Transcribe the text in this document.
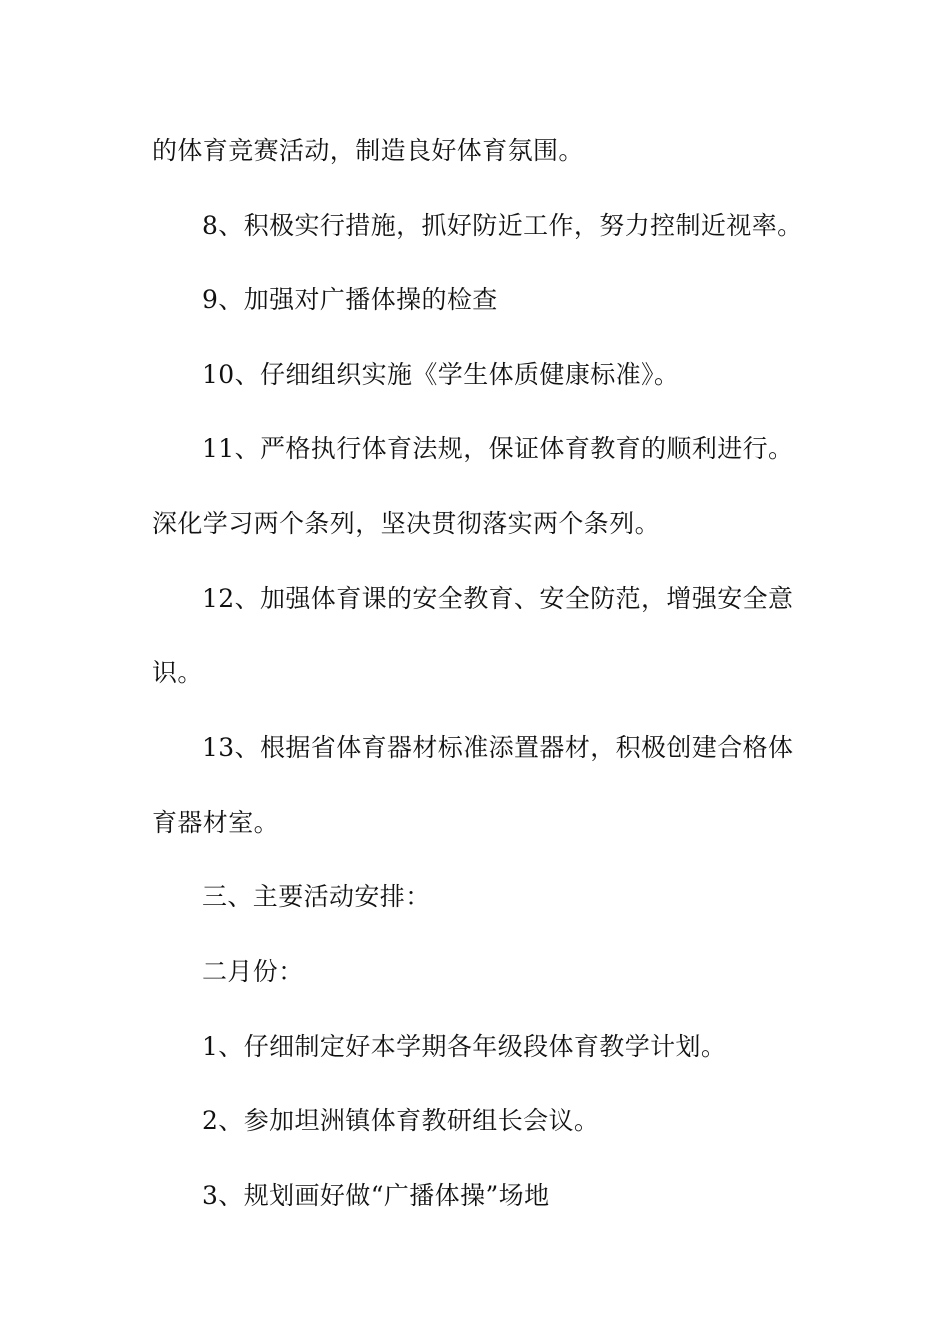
的体育竞赛活动，制造良好体育氛围。
8、积极实行措施，抓好防近工作，努力控制近视率。
9、加强对广播体操的检查
10、仔细组织实施《学生体质健康标准》。
11、严格执行体育法规，保证体育教育的顺利进行。
深化学习两个条列，坚决贯彻落实两个条列。
12、加强体育课的安全教育、安全防范，增强安全意
识。
13、根据省体育器材标准添置器材，积极创建合格体
育器材室。
三、主要活动安排：
二月份：
1、仔细制定好本学期各年级段体育教学计划。
2、参加坦洲镇体育教研组长会议。
3、规划画好做“广播体操”场地
